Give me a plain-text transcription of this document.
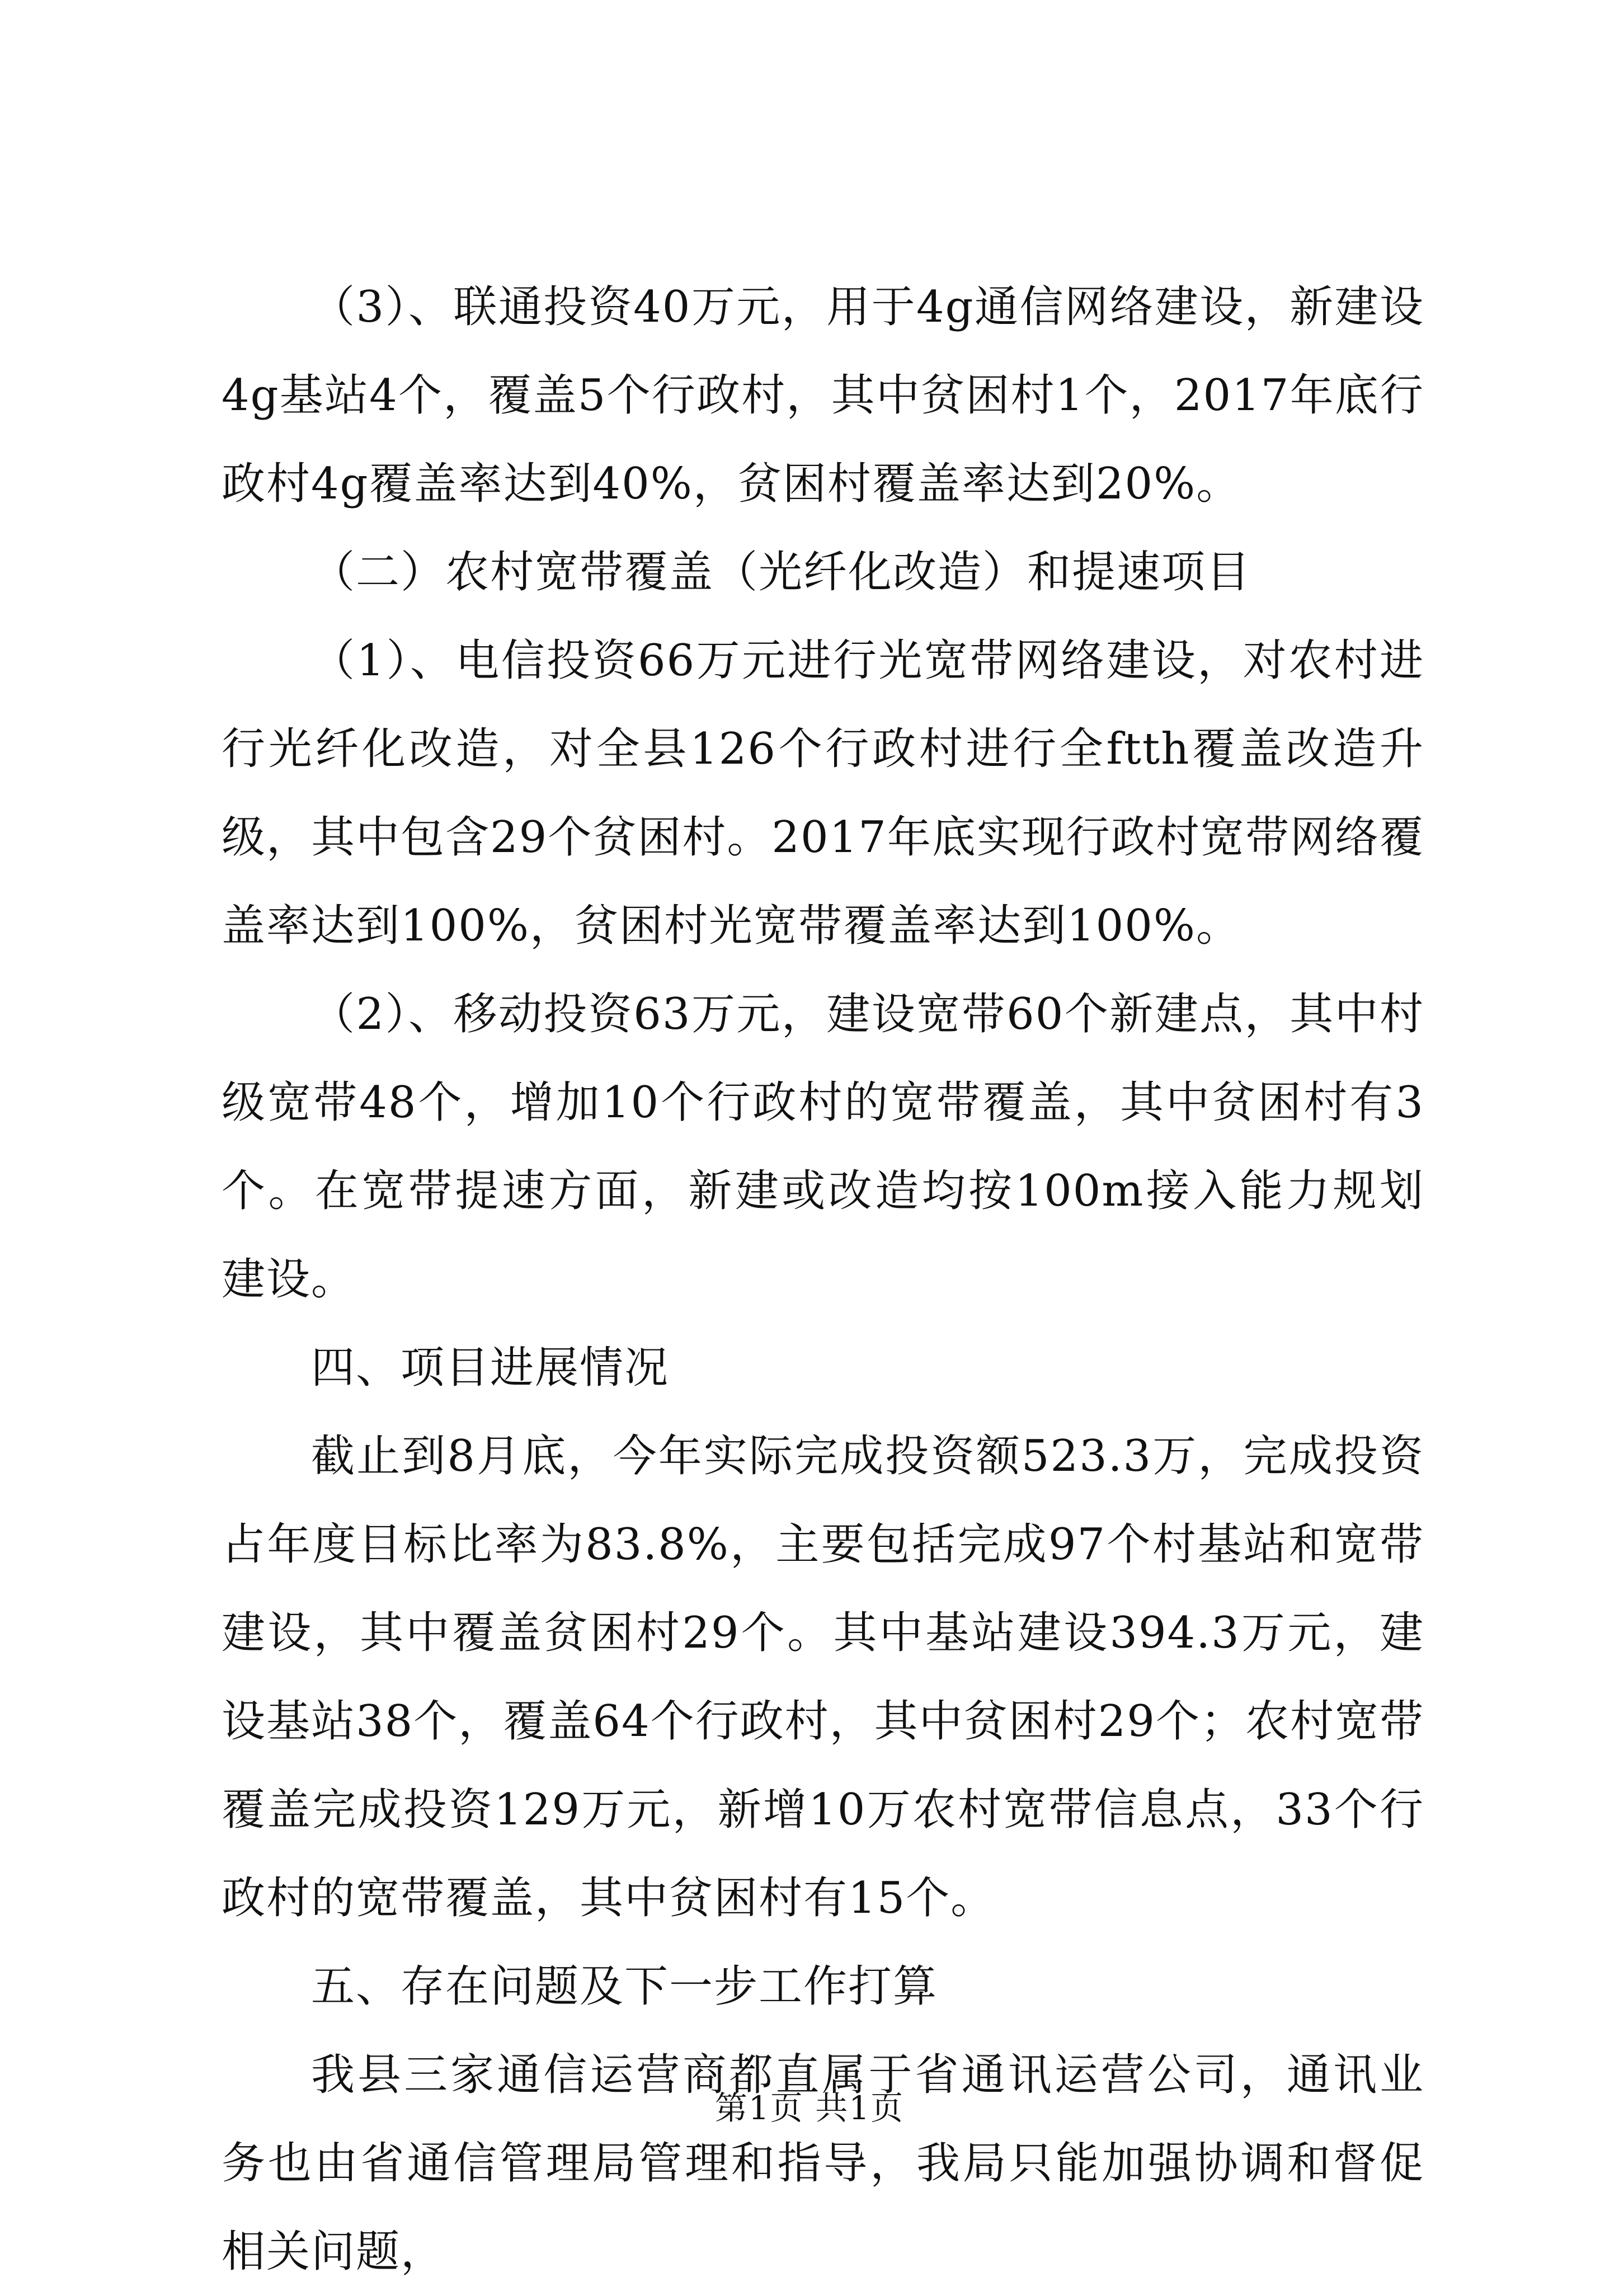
（3）、联通投资40万元，用于4g通信网络建设，新建设4g基站4个，覆盖5个行政村，其中贫困村1个，2017年底行政村4g覆盖率达到40%，贫困村覆盖率达到20%。

（二）农村宽带覆盖（光纤化改造）和提速项目

（1）、电信投资66万元进行光宽带网络建设，对农村进行光纤化改造，对全县126个行政村进行全ftth覆盖改造升级，其中包含29个贫困村。2017年底实现行政村宽带网络覆盖率达到100%，贫困村光宽带覆盖率达到100%。

（2）、移动投资63万元，建设宽带60个新建点，其中村级宽带48个，增加10个行政村的宽带覆盖，其中贫困村有3个。在宽带提速方面，新建或改造均按100m接入能力规划建设。

四、项目进展情况

截止到8月底，今年实际完成投资额523.3万，完成投资占年度目标比率为83.8%，主要包括完成97个村基站和宽带建设，其中覆盖贫困村29个。其中基站建设394.3万元，建设基站38个，覆盖64个行政村，其中贫困村29个；农村宽带覆盖完成投资129万元，新增10万农村宽带信息点，33个行政村的宽带覆盖，其中贫困村有15个。

五、存在问题及下一步工作打算

我县三家通信运营商都直属于省通讯运营公司，通讯业务也由省通信管理局管理和指导，我局只能加强协调和督促相关问题，

第1页 共1页
